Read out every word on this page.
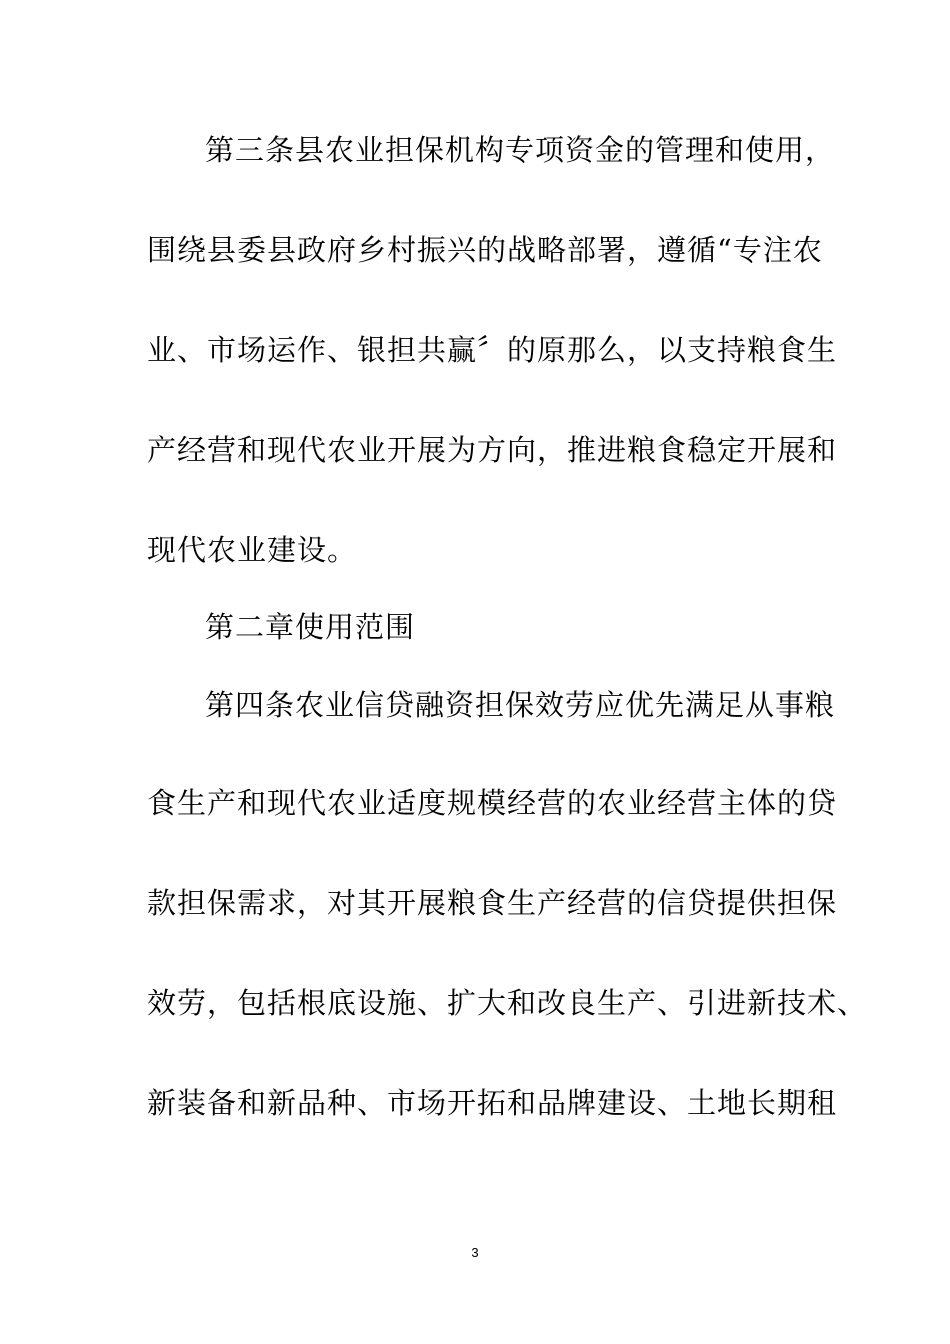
第三条县农业担保机构专项资金的管理和使用，
围绕县委县政府乡村振兴的战略部署，遵循“专注农
业、市场运作、银担共赢〞的原那么，以支持粮食生
产经营和现代农业开展为方向，推进粮食稳定开展和
现代农业建设。
第二章使用范围
第四条农业信贷融资担保效劳应优先满足从事粮
食生产和现代农业适度规模经营的农业经营主体的贷
款担保需求，对其开展粮食生产经营的信贷提供担保
效劳，包括根底设施、扩大和改良生产、引进新技术、
新装备和新品种、市场开拓和品牌建设、土地长期租
3
